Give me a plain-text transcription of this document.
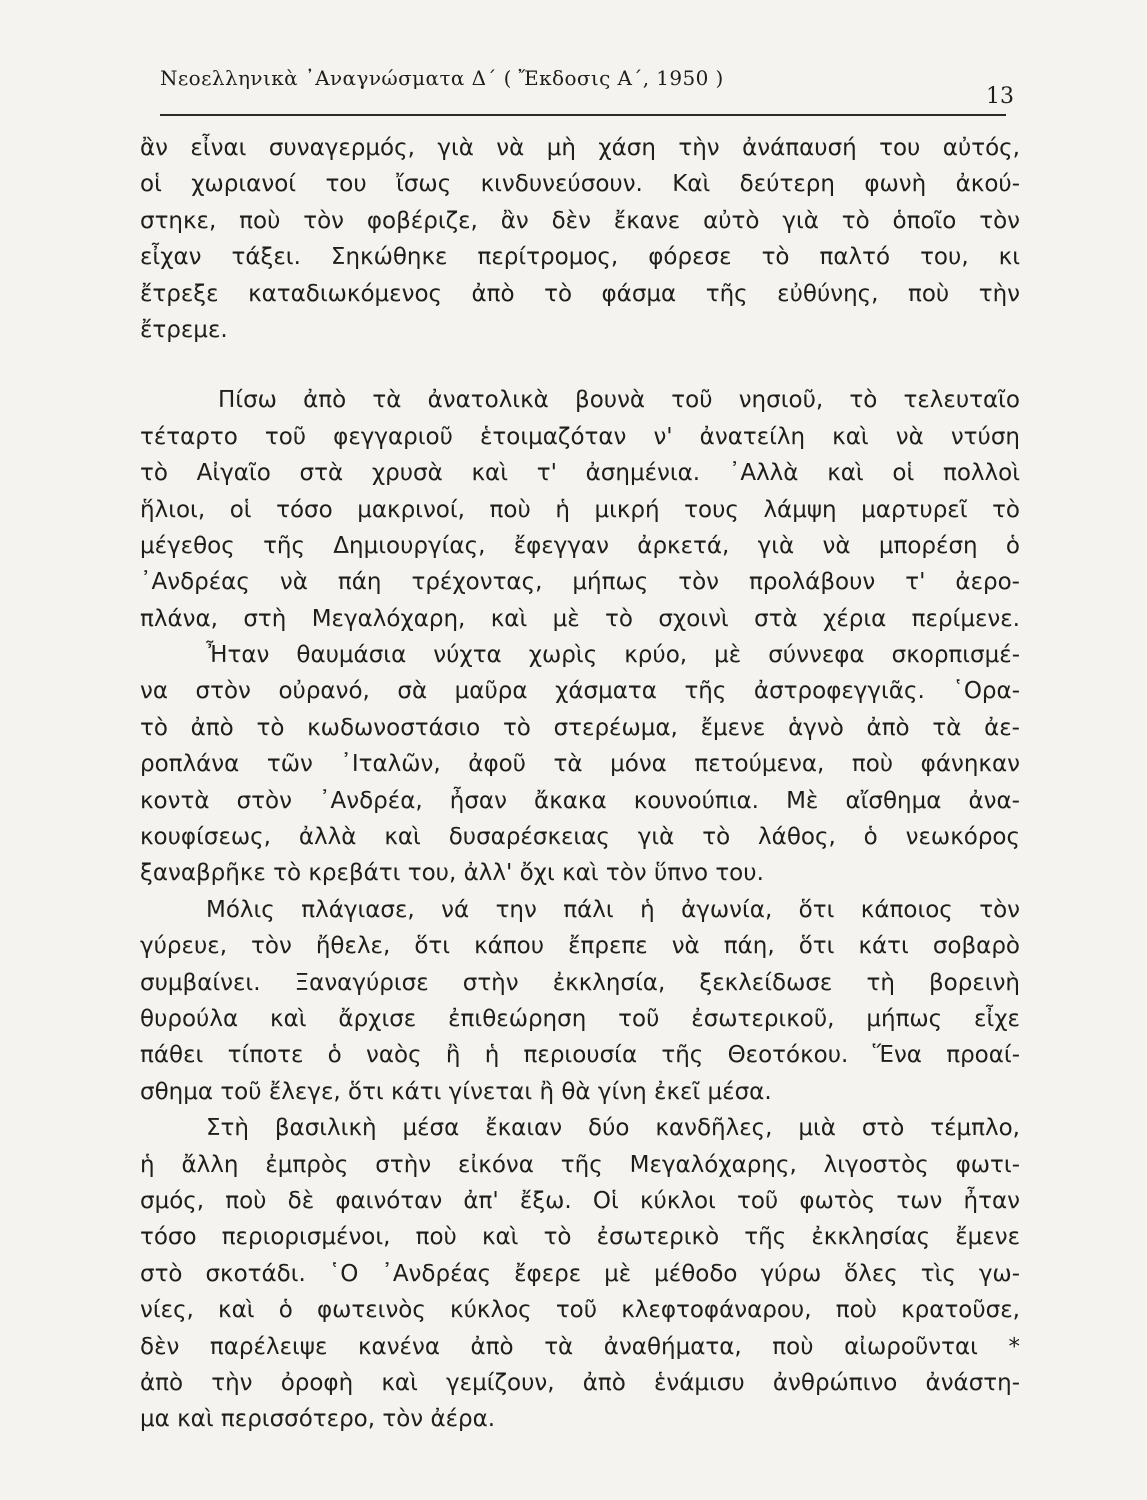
Νεοελληνικὰ ᾿Αναγνώσματα Δ΄ ( Ἔκδοσις Α΄, 1950 )
13
ἂν εἶναι συναγερμός, γιὰ νὰ μὴ χάση τὴν ἀνάπαυσή του αὐτός,
οἱ χωριανοί του ἴσως κινδυνεύσουν. Καὶ δεύτερη φωνὴ ἀκού-
στηκε, ποὺ τὸν φοβέριζε, ἂν δὲν ἔκανε αὐτὸ γιὰ τὸ ὁποῖο τὸν
εἶχαν τάξει. Σηκώθηκε περίτρομος, φόρεσε τὸ παλτό του, κι
ἔτρεξε καταδιωκόμενος ἀπὸ τὸ φάσμα τῆς εὐθύνης, ποὺ τὴν
ἔτρεμε.
Πίσω ἀπὸ τὰ ἀνατολικὰ βουνὰ τοῦ νησιοῦ, τὸ τελευταῖο
τέταρτο τοῦ φεγγαριοῦ ἑτοιμαζόταν ν' ἀνατείλη καὶ νὰ ντύση
τὸ Αἰγαῖο στὰ χρυσὰ καὶ τ' ἀσημένια. ᾿Αλλὰ καὶ οἱ πολλοὶ
ἥλιοι, οἱ τόσο μακρινοί, ποὺ ἡ μικρή τους λάμψη μαρτυρεῖ τὸ
μέγεθος τῆς Δημιουργίας, ἔφεγγαν ἀρκετά, γιὰ νὰ μπορέση ὁ
᾿Ανδρέας νὰ πάη τρέχοντας, μήπως τὸν προλάβουν τ' ἀερο-
πλάνα, στὴ Μεγαλόχαρη, καὶ μὲ τὸ σχοινὶ στὰ χέρια περίμενε.
Ἦταν θαυμάσια νύχτα χωρὶς κρύο, μὲ σύννεφα σκορπισμέ-
να στὸν οὐρανό, σὰ μαῦρα χάσματα τῆς ἀστροφεγγιᾶς. ῾Ορα-
τὸ ἀπὸ τὸ κωδωνοστάσιο τὸ στερέωμα, ἔμενε ἁγνὸ ἀπὸ τὰ ἀε-
ροπλάνα τῶν ᾿Ιταλῶν, ἀφοῦ τὰ μόνα πετούμενα, ποὺ φάνηκαν
κοντὰ στὸν ᾿Ανδρέα, ἦσαν ἄκακα κουνούπια. Μὲ αἴσθημα ἀνα-
κουφίσεως, ἀλλὰ καὶ δυσαρέσκειας γιὰ τὸ λάθος, ὁ νεωκόρος
ξαναβρῆκε τὸ κρεβάτι του, ἀλλ' ὄχι καὶ τὸν ὕπνο του.
Μόλις πλάγιασε, νά την πάλι ἡ ἀγωνία, ὅτι κάποιος τὸν
γύρευε, τὸν ἤθελε, ὅτι κάπου ἔπρεπε νὰ πάη, ὅτι κάτι σοβαρὸ
συμβαίνει. Ξαναγύρισε στὴν ἐκκλησία, ξεκλείδωσε τὴ βορεινὴ
θυρούλα καὶ ἄρχισε ἐπιθεώρηση τοῦ ἐσωτερικοῦ, μήπως εἶχε
πάθει τίποτε ὁ ναὸς ἢ ἡ περιουσία τῆς Θεοτόκου. Ἕνα προαί-
σθημα τοῦ ἔλεγε, ὅτι κάτι γίνεται ἢ θὰ γίνη ἐκεῖ μέσα.
Στὴ βασιλικὴ μέσα ἔκαιαν δύο κανδῆλες, μιὰ στὸ τέμπλο,
ἡ ἄλλη ἐμπρὸς στὴν εἰκόνα τῆς Μεγαλόχαρης, λιγοστὸς φωτι-
σμός, ποὺ δὲ φαινόταν ἀπ' ἔξω. Οἱ κύκλοι τοῦ φωτὸς των ἦταν
τόσο περιορισμένοι, ποὺ καὶ τὸ ἐσωτερικὸ τῆς ἐκκλησίας ἔμενε
στὸ σκοτάδι. ῾Ο ᾿Ανδρέας ἔφερε μὲ μέθοδο γύρω ὅλες τὶς γω-
νίες, καὶ ὁ φωτεινὸς κύκλος τοῦ κλεφτοφάναρου, ποὺ κρατοῦσε,
δὲν παρέλειψε κανένα ἀπὸ τὰ ἀναθήματα, ποὺ αἰωροῦνται *
ἀπὸ τὴν ὀροφὴ καὶ γεμίζουν, ἀπὸ ἑνάμισυ ἀνθρώπινο ἀνάστη-
μα καὶ περισσότερο, τὸν ἀέρα.
